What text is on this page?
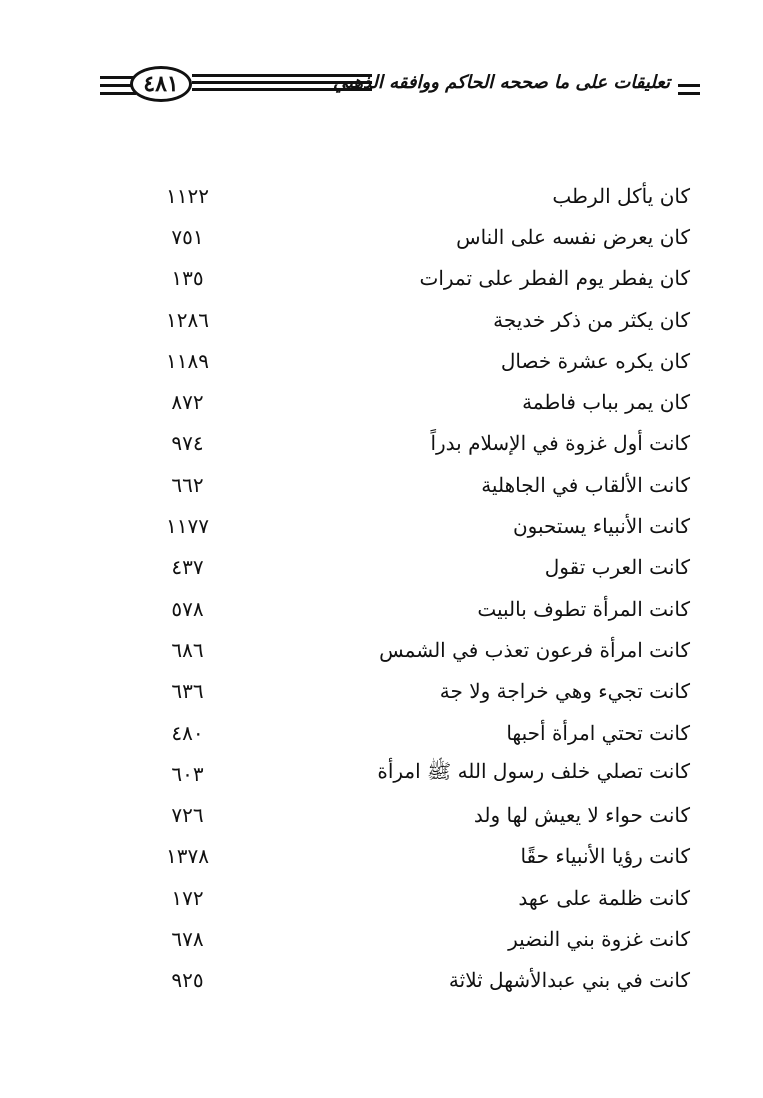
٤٨١	تعليقات على ما صححه الحاكم ووافقه الذهبي
١١٢٢	كان يأكل الرطب
٧٥١	كان يعرض نفسه على الناس
١٣٥	كان يفطر يوم الفطر على تمرات
١٢٨٦	كان يكثر من ذكر خديجة
١١٨٩	كان يكره عشرة خصال
٨٧٢	كان يمر بباب فاطمة
٩٧٤	كانت أول غزوة في الإسلام بدراً
٦٦٢	كانت الألقاب في الجاهلية
١١٧٧	كانت الأنبياء يستحبون
٤٣٧	كانت العرب تقول
٥٧٨	كانت المرأة تطوف بالبيت
٦٨٦	كانت امرأة فرعون تعذب في الشمس
٦٣٦	كانت تجيء وهي خراجة ولا جة
٤٨٠	كانت تحتي امرأة أحبها
٦٠٣	كانت تصلي خلف رسول الله ﷺ امرأة
٧٢٦	كانت حواء لا يعيش لها ولد
١٣٧٨	كانت رؤيا الأنبياء حقًا
١٧٢	كانت ظلمة على عهد
٦٧٨	كانت غزوة بني النضير
٩٢٥	كانت في بني عبدالأشهل ثلاثة
